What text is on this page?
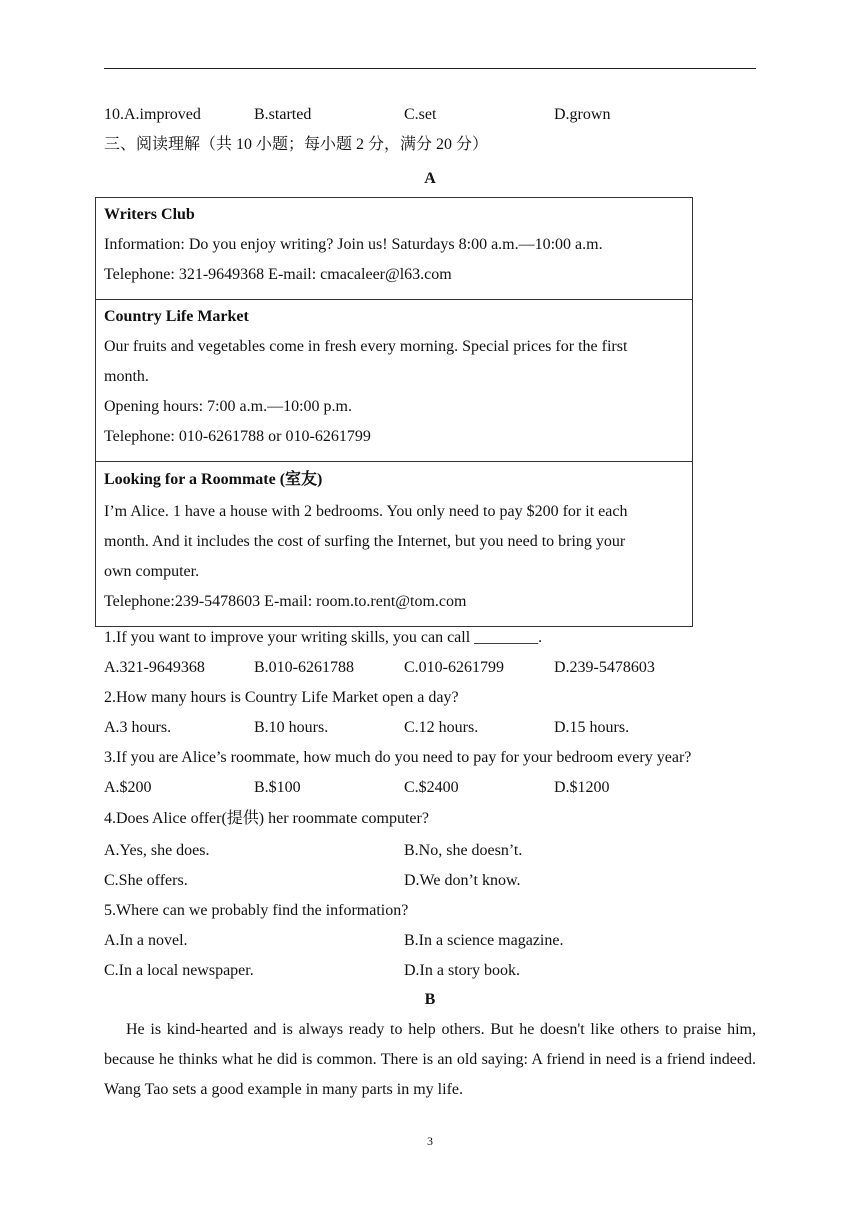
10.A.improved	B.started	C.set	D.grown
三、阅读理解（共 10 小题；每小题 2 分，满分 20 分）
A
Writers Club
Information: Do you enjoy writing? Join us! Saturdays 8:00 a.m.—10:00 a.m.
Telephone: 321-9649368 E-mail: cmacaleer@l63.com
Country Life Market
Our fruits and vegetables come in fresh every morning. Special prices for the first
month.
Opening hours: 7:00 a.m.—10:00 p.m.
Telephone: 010-6261788 or 010-6261799
Looking for a Roommate (室友)
I’m Alice. 1 have a house with 2 bedrooms. You only need to pay $200 for it each
month. And it includes the cost of surfing the Internet, but you need to bring your
own computer.
Telephone:239-5478603 E-mail: room.to.rent@tom.com
1.If you want to improve your writing skills, you can call ________.
A.321-9649368	B.010-6261788	C.010-6261799	D.239-5478603
2.How many hours is Country Life Market open a day?
A.3 hours.	B.10 hours.	C.12 hours.	D.15 hours.
3.If you are Alice’s roommate, how much do you need to pay for your bedroom every year?
A.$200	B.$100	C.$2400	D.$1200
4.Does Alice offer(提供) her roommate computer?
A.Yes, she does.	B.No, she doesn’t.
C.She offers.	D.We don’t know.
5.Where can we probably find the information?
A.In a novel.	B.In a science magazine.
C.In a local newspaper.	D.In a story book.
B
He is kind-hearted and is always ready to help others. But he doesn't like others to praise him, because he thinks what he did is common. There is an old saying: A friend in need is a friend indeed. Wang Tao sets a good example in many parts in my life.
3
